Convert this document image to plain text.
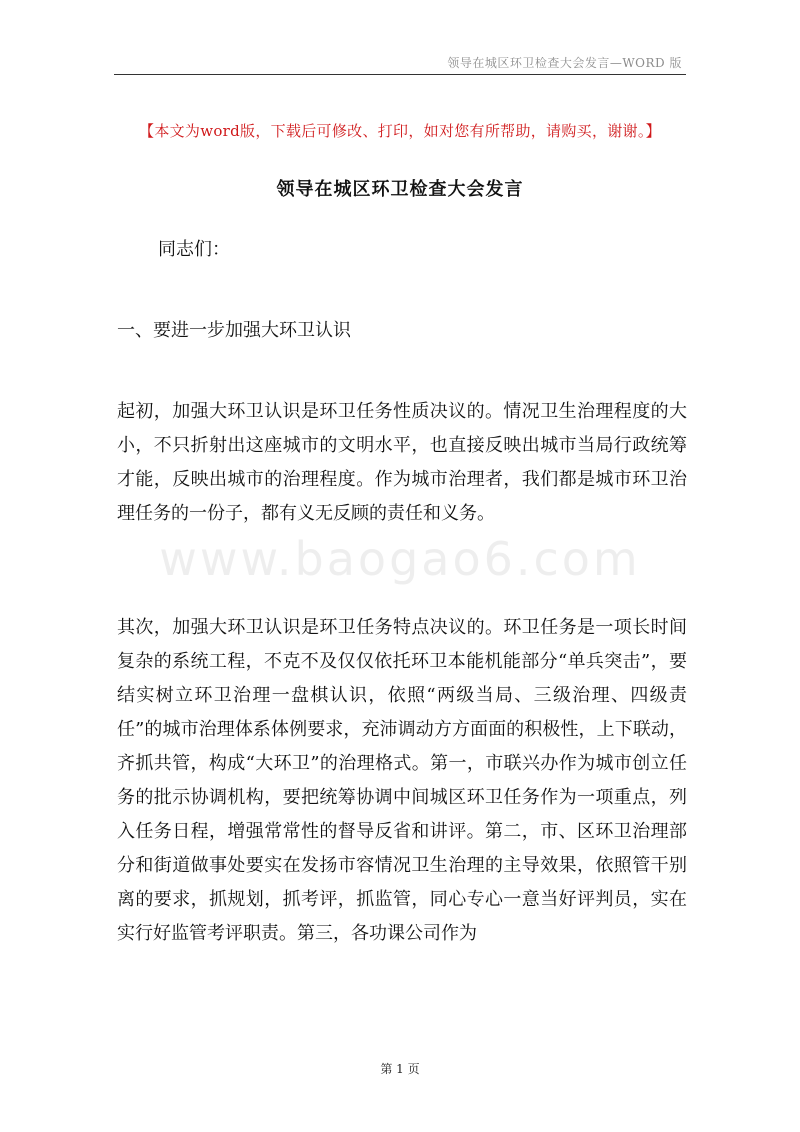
领导在城区环卫检查大会发言—WORD 版
【本文为word版，下载后可修改、打印，如对您有所帮助，请购买，谢谢。】
领导在城区环卫检查大会发言

同志们：

一、要进一步加强大环卫认识

起初，加强大环卫认识是环卫任务性质决议的。情况卫生治理程度的大小，不只折射出这座城市的文明水平，也直接反映出城市当局行政统筹才能，反映出城市的治理程度。作为城市治理者，我们都是城市环卫治理任务的一份子，都有义无反顾的责任和义务。

www.baogao6.com

其次，加强大环卫认识是环卫任务特点决议的。环卫任务是一项长时间复杂的系统工程，不克不及仅仅依托环卫本能机能部分“单兵突击”，要结实树立环卫治理一盘棋认识，依照“两级当局、三级治理、四级责任”的城市治理体系体例要求，充沛调动方方面面的积极性，上下联动，齐抓共管，构成“大环卫”的治理格式。第一，市联兴办作为城市创立任务的批示协调机构，要把统筹协调中间城区环卫任务作为一项重点，列入任务日程，增强常常性的督导反省和讲评。第二，市、区环卫治理部分和街道做事处要实在发扬市容情况卫生治理的主导效果，依照管干别离的要求，抓规划，抓考评，抓监管，同心专心一意当好评判员，实在实行好监管考评职责。第三，各功课公司作为

第 1 页
